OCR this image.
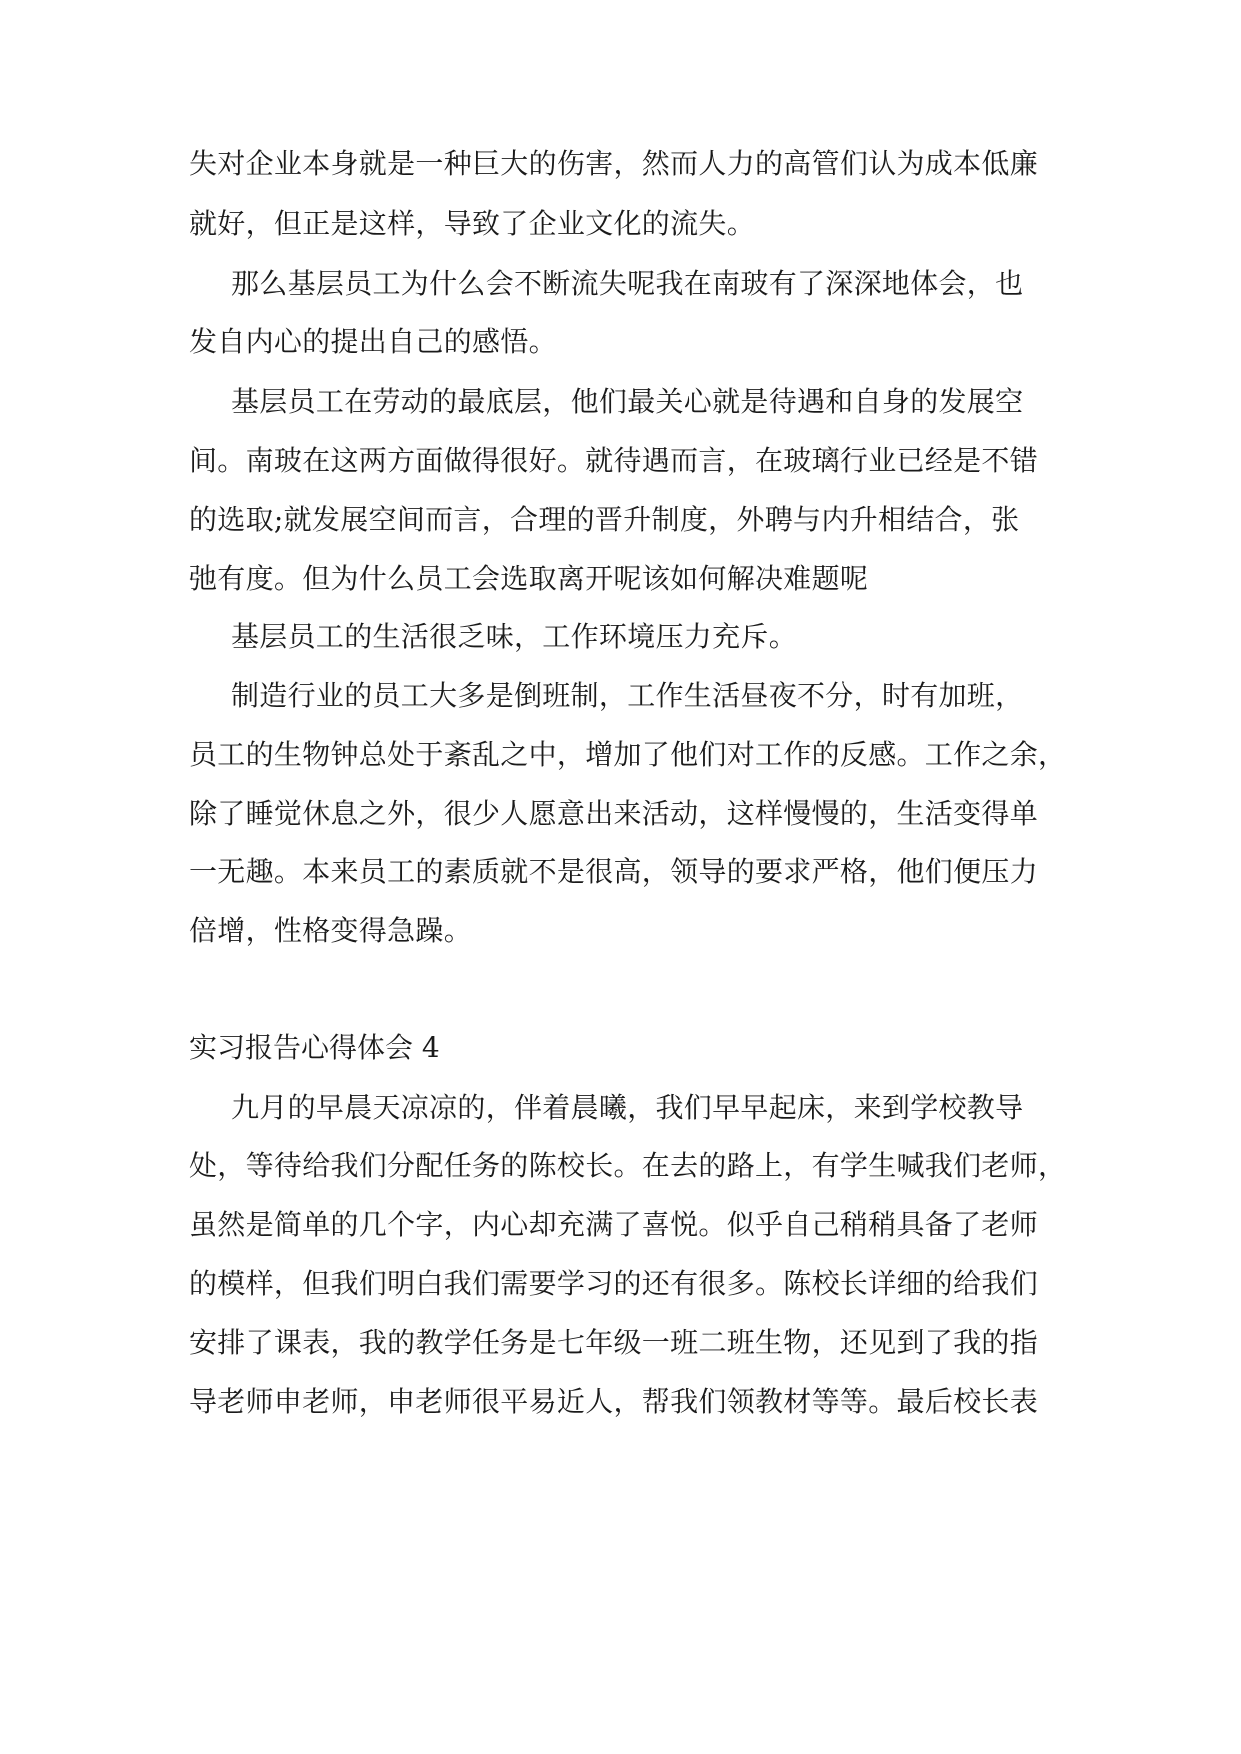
失对企业本身就是一种巨大的伤害，然而人力的高管们认为成本低廉
就好，但正是这样，导致了企业文化的流失。
那么基层员工为什么会不断流失呢我在南玻有了深深地体会，也
发自内心的提出自己的感悟。
基层员工在劳动的最底层，他们最关心就是待遇和自身的发展空
间。南玻在这两方面做得很好。就待遇而言，在玻璃行业已经是不错
的选取;就发展空间而言，合理的晋升制度，外聘与内升相结合，张
弛有度。但为什么员工会选取离开呢该如何解决难题呢
基层员工的生活很乏味，工作环境压力充斥。
制造行业的员工大多是倒班制，工作生活昼夜不分，时有加班，
员工的生物钟总处于紊乱之中，增加了他们对工作的反感。工作之余，
除了睡觉休息之外，很少人愿意出来活动，这样慢慢的，生活变得单
一无趣。本来员工的素质就不是很高，领导的要求严格，他们便压力
倍增，性格变得急躁。
实习报告心得体会 4
九月的早晨天凉凉的，伴着晨曦，我们早早起床，来到学校教导
处，等待给我们分配任务的陈校长。在去的路上，有学生喊我们老师，
虽然是简单的几个字，内心却充满了喜悦。似乎自己稍稍具备了老师
的模样，但我们明白我们需要学习的还有很多。陈校长详细的给我们
安排了课表，我的教学任务是七年级一班二班生物，还见到了我的指
导老师申老师，申老师很平易近人，帮我们领教材等等。最后校长表
